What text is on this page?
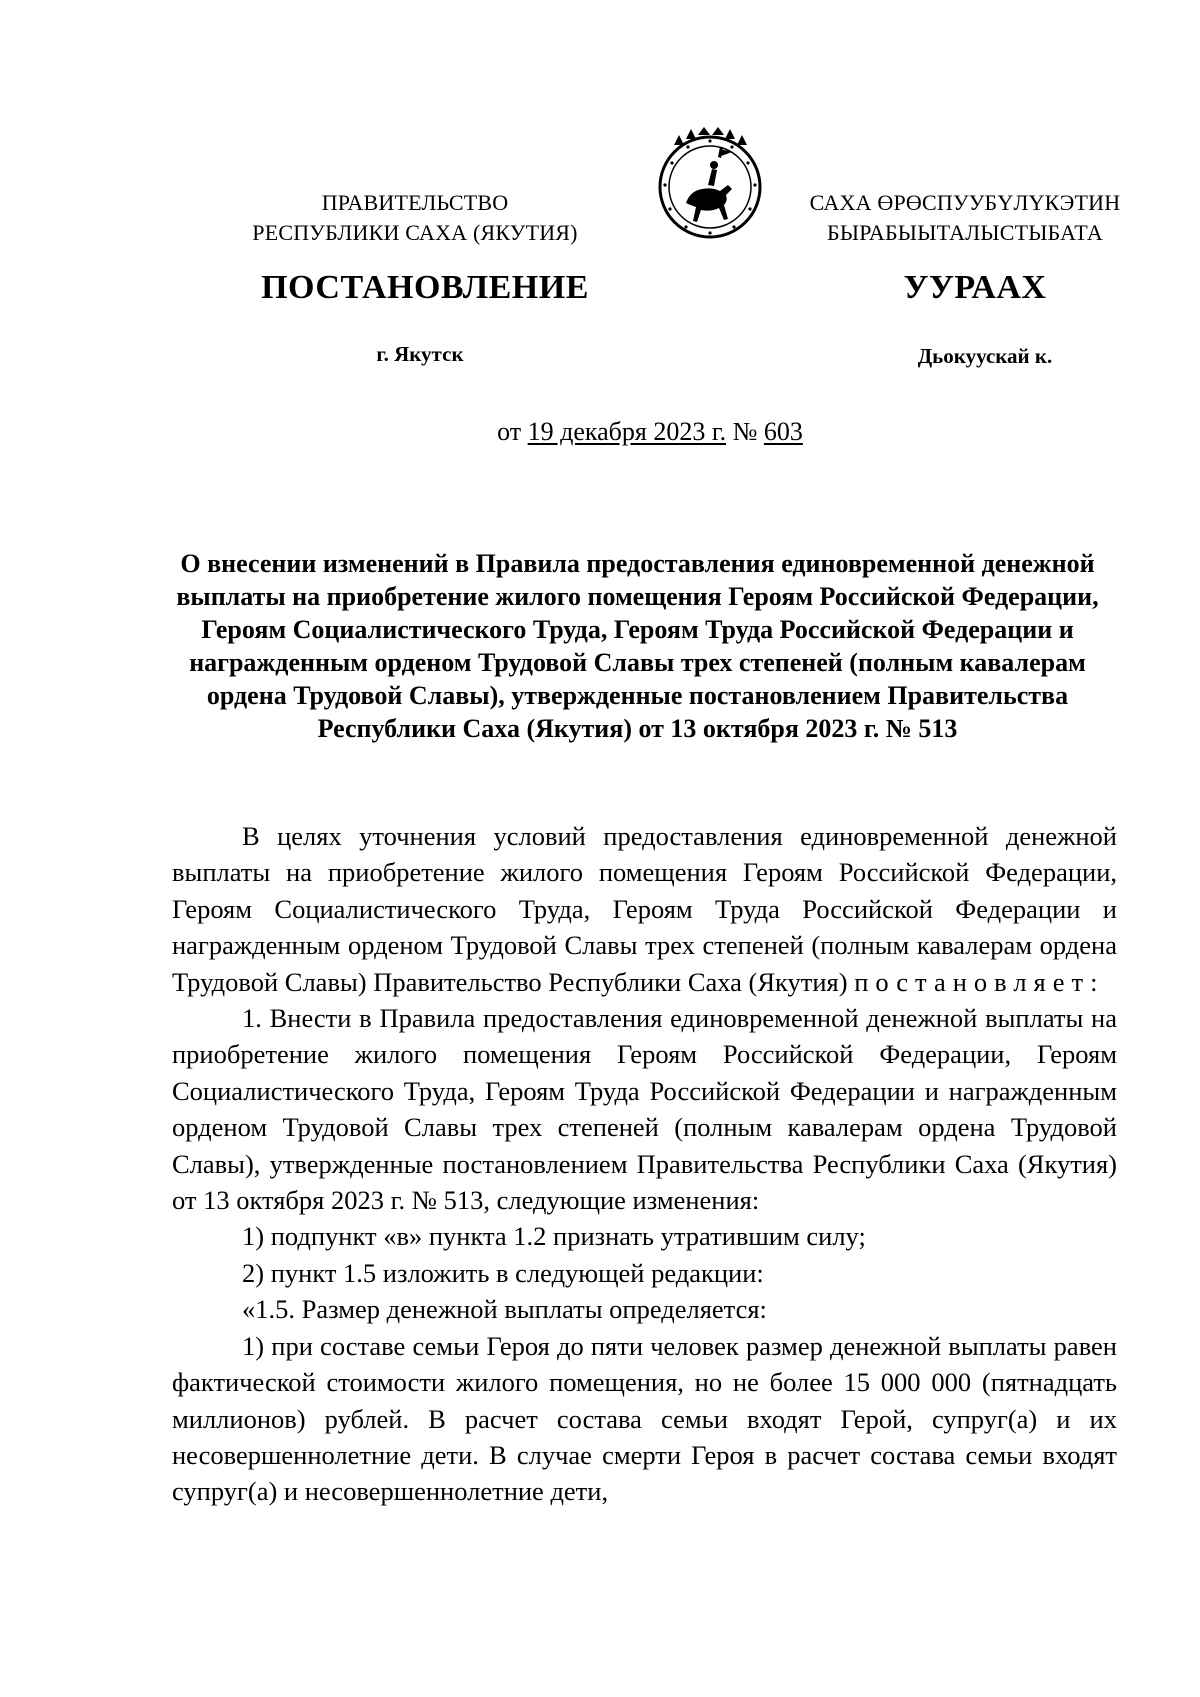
ПРАВИТЕЛЬСТВО
РЕСПУБЛИКИ САХА (ЯКУТИЯ)
САХА ӨРӨСПУУБҮЛҮКЭТИН
БЫРАБЫЫТАЛЫСТЫБАТА
ПОСТАНОВЛЕНИЕ	УУРААХ
г. Якутск	Дьокуускай к.
от 19 декабря 2023 г. № 603
О внесении изменений в Правила предоставления единовременной денежной выплаты на приобретение жилого помещения Героям Российской Федерации, Героям Социалистического Труда, Героям Труда Российской Федерации и награжденным орденом Трудовой Славы трех степеней (полным кавалерам ордена Трудовой Славы), утвержденные постановлением Правительства Республики Саха (Якутия) от 13 октября 2023 г. № 513

В целях уточнения условий предоставления единовременной денежной выплаты на приобретение жилого помещения Героям Российской Федерации, Героям Социалистического Труда, Героям Труда Российской Федерации и награжденным орденом Трудовой Славы трех степеней (полным кавалерам ордена Трудовой Славы) Правительство Республики Саха (Якутия) постановляет:

1. Внести в Правила предоставления единовременной денежной выплаты на приобретение жилого помещения Героям Российской Федерации, Героям Социалистического Труда, Героям Труда Российской Федерации и награжденным орденом Трудовой Славы трех степеней (полным кавалерам ордена Трудовой Славы), утвержденные постановлением Правительства Республики Саха (Якутия) от 13 октября 2023 г. № 513, следующие изменения:

1) подпункт «в» пункта 1.2 признать утратившим силу;

2) пункт 1.5 изложить в следующей редакции:

«1.5. Размер денежной выплаты определяется:

1) при составе семьи Героя до пяти человек размер денежной выплаты равен фактической стоимости жилого помещения, но не более 15 000 000 (пятнадцать миллионов) рублей. В расчет состава семьи входят Герой, супруг(а) и их несовершеннолетние дети. В случае смерти Героя в расчет состава семьи входят супруг(а) и несовершеннолетние дети,
